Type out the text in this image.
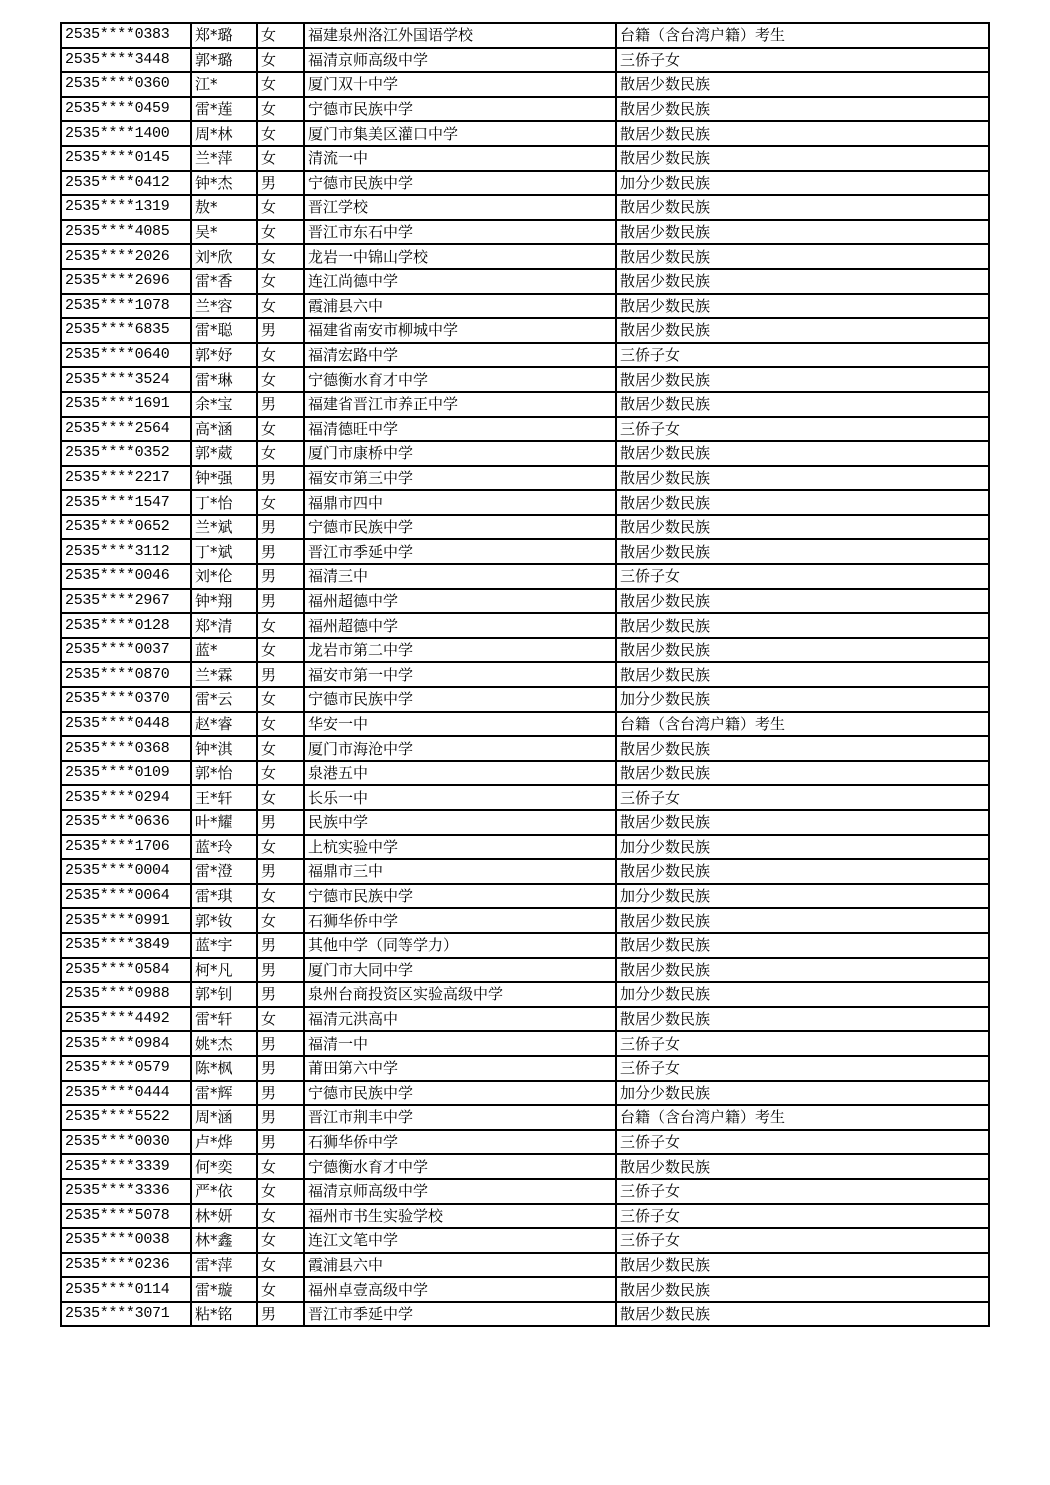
2535****0383	郑*璐	女	福建泉州洛江外国语学校	台籍（含台湾户籍）考生
2535****3448	郭*璐	女	福清京师高级中学	三侨子女
2535****0360	江*	女	厦门双十中学	散居少数民族
2535****0459	雷*莲	女	宁德市民族中学	散居少数民族
2535****1400	周*林	女	厦门市集美区灌口中学	散居少数民族
2535****0145	兰*萍	女	清流一中	散居少数民族
2535****0412	钟*杰	男	宁德市民族中学	加分少数民族
2535****1319	敖*	女	晋江学校	散居少数民族
2535****4085	吴*	女	晋江市东石中学	散居少数民族
2535****2026	刘*欣	女	龙岩一中锦山学校	散居少数民族
2535****2696	雷*香	女	连江尚德中学	散居少数民族
2535****1078	兰*容	女	霞浦县六中	散居少数民族
2535****6835	雷*聪	男	福建省南安市柳城中学	散居少数民族
2535****0640	郭*妤	女	福清宏路中学	三侨子女
2535****3524	雷*琳	女	宁德衡水育才中学	散居少数民族
2535****1691	余*宝	男	福建省晋江市养正中学	散居少数民族
2535****2564	高*涵	女	福清德旺中学	三侨子女
2535****0352	郭*葳	女	厦门市康桥中学	散居少数民族
2535****2217	钟*强	男	福安市第三中学	散居少数民族
2535****1547	丁*怡	女	福鼎市四中	散居少数民族
2535****0652	兰*斌	男	宁德市民族中学	散居少数民族
2535****3112	丁*斌	男	晋江市季延中学	散居少数民族
2535****0046	刘*伦	男	福清三中	三侨子女
2535****2967	钟*翔	男	福州超德中学	散居少数民族
2535****0128	郑*清	女	福州超德中学	散居少数民族
2535****0037	蓝*	女	龙岩市第二中学	散居少数民族
2535****0870	兰*霖	男	福安市第一中学	散居少数民族
2535****0370	雷*云	女	宁德市民族中学	加分少数民族
2535****0448	赵*睿	女	华安一中	台籍（含台湾户籍）考生
2535****0368	钟*淇	女	厦门市海沧中学	散居少数民族
2535****0109	郭*怡	女	泉港五中	散居少数民族
2535****0294	王*轩	女	长乐一中	三侨子女
2535****0636	叶*耀	男	民族中学	散居少数民族
2535****1706	蓝*玲	女	上杭实验中学	加分少数民族
2535****0004	雷*澄	男	福鼎市三中	散居少数民族
2535****0064	雷*琪	女	宁德市民族中学	加分少数民族
2535****0991	郭*钕	女	石狮华侨中学	散居少数民族
2535****3849	蓝*宇	男	其他中学（同等学力）	散居少数民族
2535****0584	柯*凡	男	厦门市大同中学	散居少数民族
2535****0988	郭*钊	男	泉州台商投资区实验高级中学	加分少数民族
2535****4492	雷*轩	女	福清元洪高中	散居少数民族
2535****0984	姚*杰	男	福清一中	三侨子女
2535****0579	陈*枫	男	莆田第六中学	三侨子女
2535****0444	雷*辉	男	宁德市民族中学	加分少数民族
2535****5522	周*涵	男	晋江市荆丰中学	台籍（含台湾户籍）考生
2535****0030	卢*烨	男	石狮华侨中学	三侨子女
2535****3339	何*奕	女	宁德衡水育才中学	散居少数民族
2535****3336	严*依	女	福清京师高级中学	三侨子女
2535****5078	林*妍	女	福州市书生实验学校	三侨子女
2535****0038	林*鑫	女	连江文笔中学	三侨子女
2535****0236	雷*萍	女	霞浦县六中	散居少数民族
2535****0114	雷*璇	女	福州卓壹高级中学	散居少数民族
2535****3071	粘*铭	男	晋江市季延中学	散居少数民族
